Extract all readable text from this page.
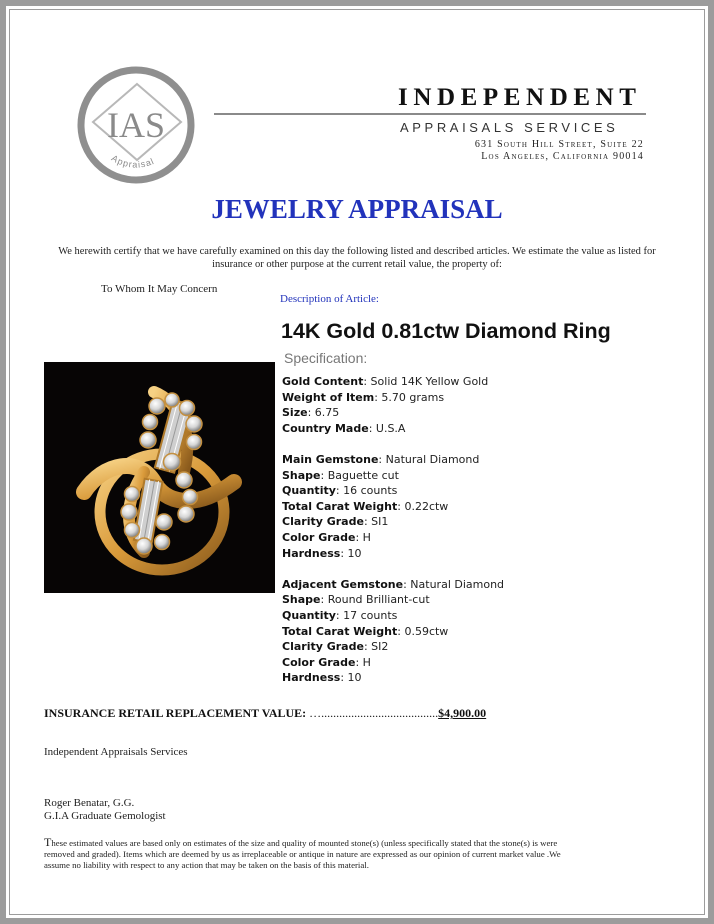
IAS
Appraisal
INDEPENDENT
APPRAISALS SERVICES
631 South Hill Street, Suite 22
Los Angeles, California 90014
JEWELRY APPRAISAL
We herewith certify that we have carefully examined on this day the following listed and described articles. We estimate the value as listed for insurance or other purpose at the current retail value, the property of:
To Whom It May Concern
Description of Article:
14K Gold 0.81ctw Diamond Ring
Specification:
Gold Content: Solid 14K Yellow Gold
Weight of Item: 5.70 grams
Size: 6.75
Country Made: U.S.A
Main Gemstone: Natural Diamond
Shape: Baguette cut
Quantity: 16 counts
Total Carat Weight: 0.22ctw
Clarity Grade: SI1
Color Grade: H
Hardness: 10
Adjacent Gemstone: Natural Diamond
Shape: Round Brilliant-cut
Quantity: 17 counts
Total Carat Weight: 0.59ctw
Clarity Grade: SI2
Color Grade: H
Hardness: 10
INSURANCE RETAIL REPLACEMENT VALUE: ….......................................$4,900.00
Independent Appraisals Services
Roger Benatar, G.G.
G.I.A Graduate Gemologist
These estimated values are based only on estimates of the size and quality of mounted stone(s) (unless specifically stated that the stone(s) is were removed and graded). Items which are deemed by us as irreplaceable or antique in nature are expressed as our opinion of current market value .We assume no liability with respect to any action that may be taken on the basis of this material.
